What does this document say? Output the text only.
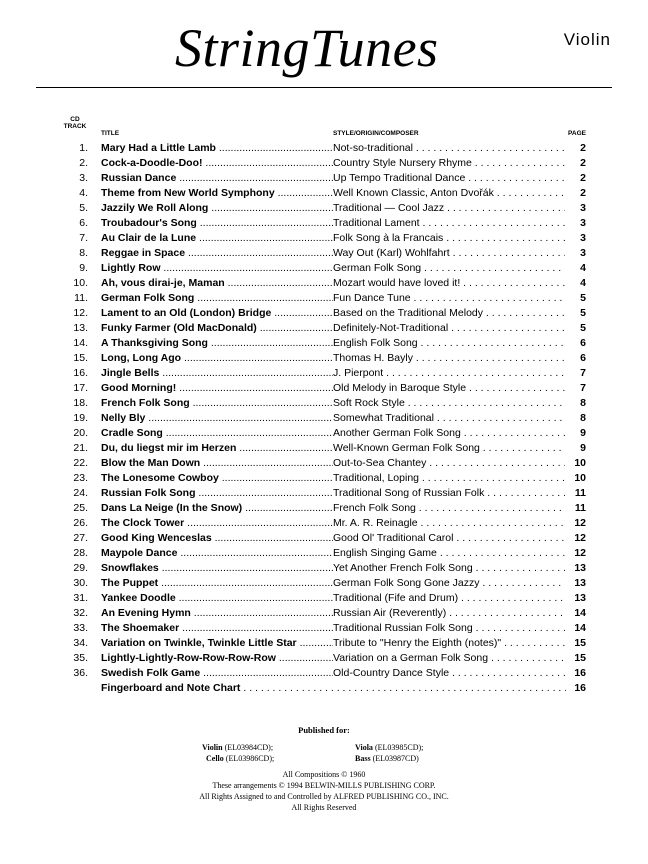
StringTunes	Violin
CD
TRACK
TITLE	STYLE/ORIGIN/COMPOSER	PAGE
1. Mary Had a Little Lamb .....	Not-so-traditional . . .	2
2. Cock-a-Doodle-Doo! .....	Country Style Nursery Rhyme . . .	2
3. Russian Dance .....	Up Tempo Traditional Dance . . .	2
4. Theme from New World Symphony .....	Well Known Classic, Anton Dvořák . . .	2
5. Jazzily We Roll Along .....	Traditional — Cool Jazz . . .	3
6. Troubadour's Song .....	Traditional Lament . . .	3
7. Au Clair de la Lune .....	Folk Song à la Francais . . .	3
8. Reggae in Space .....	Way Out (Karl) Wohlfahrt . . .	3
9. Lightly Row .....	German Folk Song . . .	4
10. Ah, vous dirai-je, Maman .....	Mozart would have loved it! . . .	4
11. German Folk Song .....	Fun Dance Tune . . .	5
12. Lament to an Old (London) Bridge .....	Based on the Traditional Melody . . .	5
13. Funky Farmer (Old MacDonald) .....	Definitely-Not-Traditional . . .	5
14. A Thanksgiving Song .....	English Folk Song . . .	6
15. Long, Long Ago .....	Thomas H. Bayly . . .	6
16. Jingle Bells .....	J. Pierpont . . .	7
17. Good Morning! .....	Old Melody in Baroque Style . . .	7
18. French Folk Song .....	Soft Rock Style . . .	8
19. Nelly Bly .....	Somewhat Traditional . . .	8
20. Cradle Song .....	Another German Folk Song . . .	9
21. Du, du liegst mir im Herzen .....	Well-Known German Folk Song . . .	9
22. Blow the Man Down .....	Out-to-Sea Chantey . . .	10
23. The Lonesome Cowboy .....	Traditional, Loping . . .	10
24. Russian Folk Song .....	Traditional Song of Russian Folk . . .	11
25. Dans La Neige (In the Snow) .....	French Folk Song . . .	11
26. The Clock Tower .....	Mr. A. R. Reinagle . . .	12
27. Good King Wenceslas .....	Good Ol' Traditional Carol . . .	12
28. Maypole Dance .....	English Singing Game . . .	12
29. Snowflakes .....	Yet Another French Folk Song . . .	13
30. The Puppet .....	German Folk Song Gone Jazzy . . .	13
31. Yankee Doodle .....	Traditional (Fife and Drum) . . .	13
32. An Evening Hymn .....	Russian Air (Reverently) . . .	14
33. The Shoemaker .....	Traditional Russian Folk Song . . .	14
34. Variation on Twinkle, Twinkle Little Star .....	Tribute to "Henry the Eighth (notes)" . . .	15
35. Lightly-Lightly-Row-Row-Row-Row .....	Variation on a German Folk Song . . .	15
36. Swedish Folk Game .....	Old-Country Dance Style . . .	16
Fingerboard and Note Chart . . .	16
Published for:
Violin (EL03984CD);	Viola (EL03985CD);
Cello (EL03986CD);	Bass (EL03987CD)
All Compositions © 1960
These arrangements © 1994 BELWIN-MILLS PUBLISHING CORP.
All Rights Assigned to and Controlled by ALFRED PUBLISHING CO., INC.
All Rights Reserved
